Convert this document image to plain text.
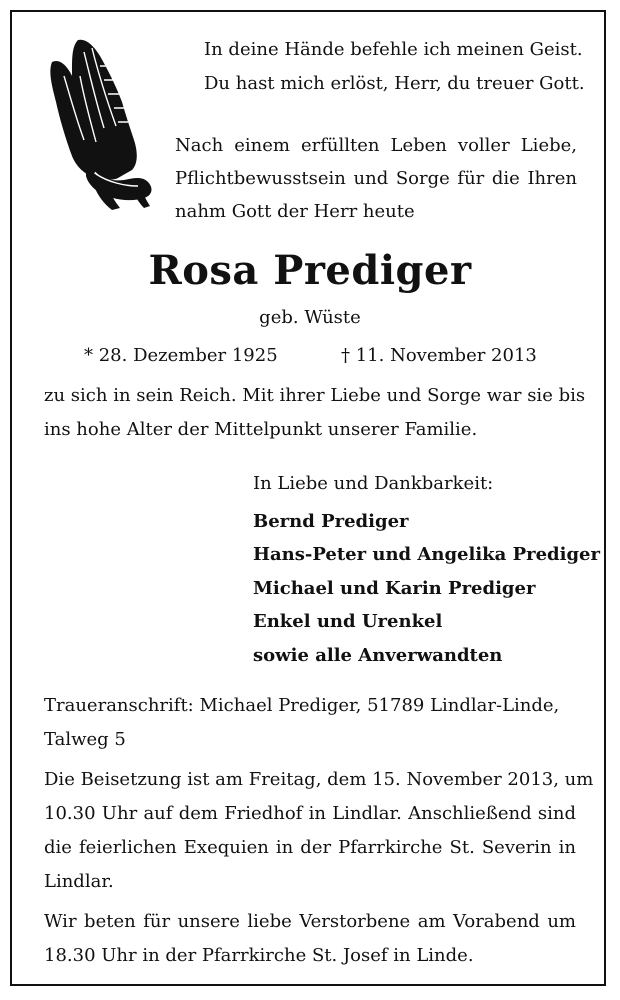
In deine Hände befehle ich meinen Geist.
Du hast mich erlöst, Herr, du treuer Gott.
Nach einem erfüllten Leben voller Liebe,
Pflichtbewusstsein und Sorge für die Ihren
nahm Gott der Herr heute
Rosa Prediger
geb. Wüste
* 28. Dezember 1925	† 11. November 2013
zu sich in sein Reich. Mit ihrer Liebe und Sorge war sie bis
ins hohe Alter der Mittelpunkt unserer Familie.
In Liebe und Dankbarkeit:
Bernd Prediger
Hans-Peter und Angelika Prediger
Michael und Karin Prediger
Enkel und Urenkel
sowie alle Anverwandten
Traueranschrift: Michael Prediger, 51789 Lindlar-Linde,
Talweg 5
Die Beisetzung ist am Freitag, dem 15. November 2013, um
10.30 Uhr auf dem Friedhof in Lindlar. Anschließend sind
die feierlichen Exequien in der Pfarrkirche St. Severin in
Lindlar.
Wir beten für unsere liebe Verstorbene am Vorabend um
18.30 Uhr in der Pfarrkirche St. Josef in Linde.
